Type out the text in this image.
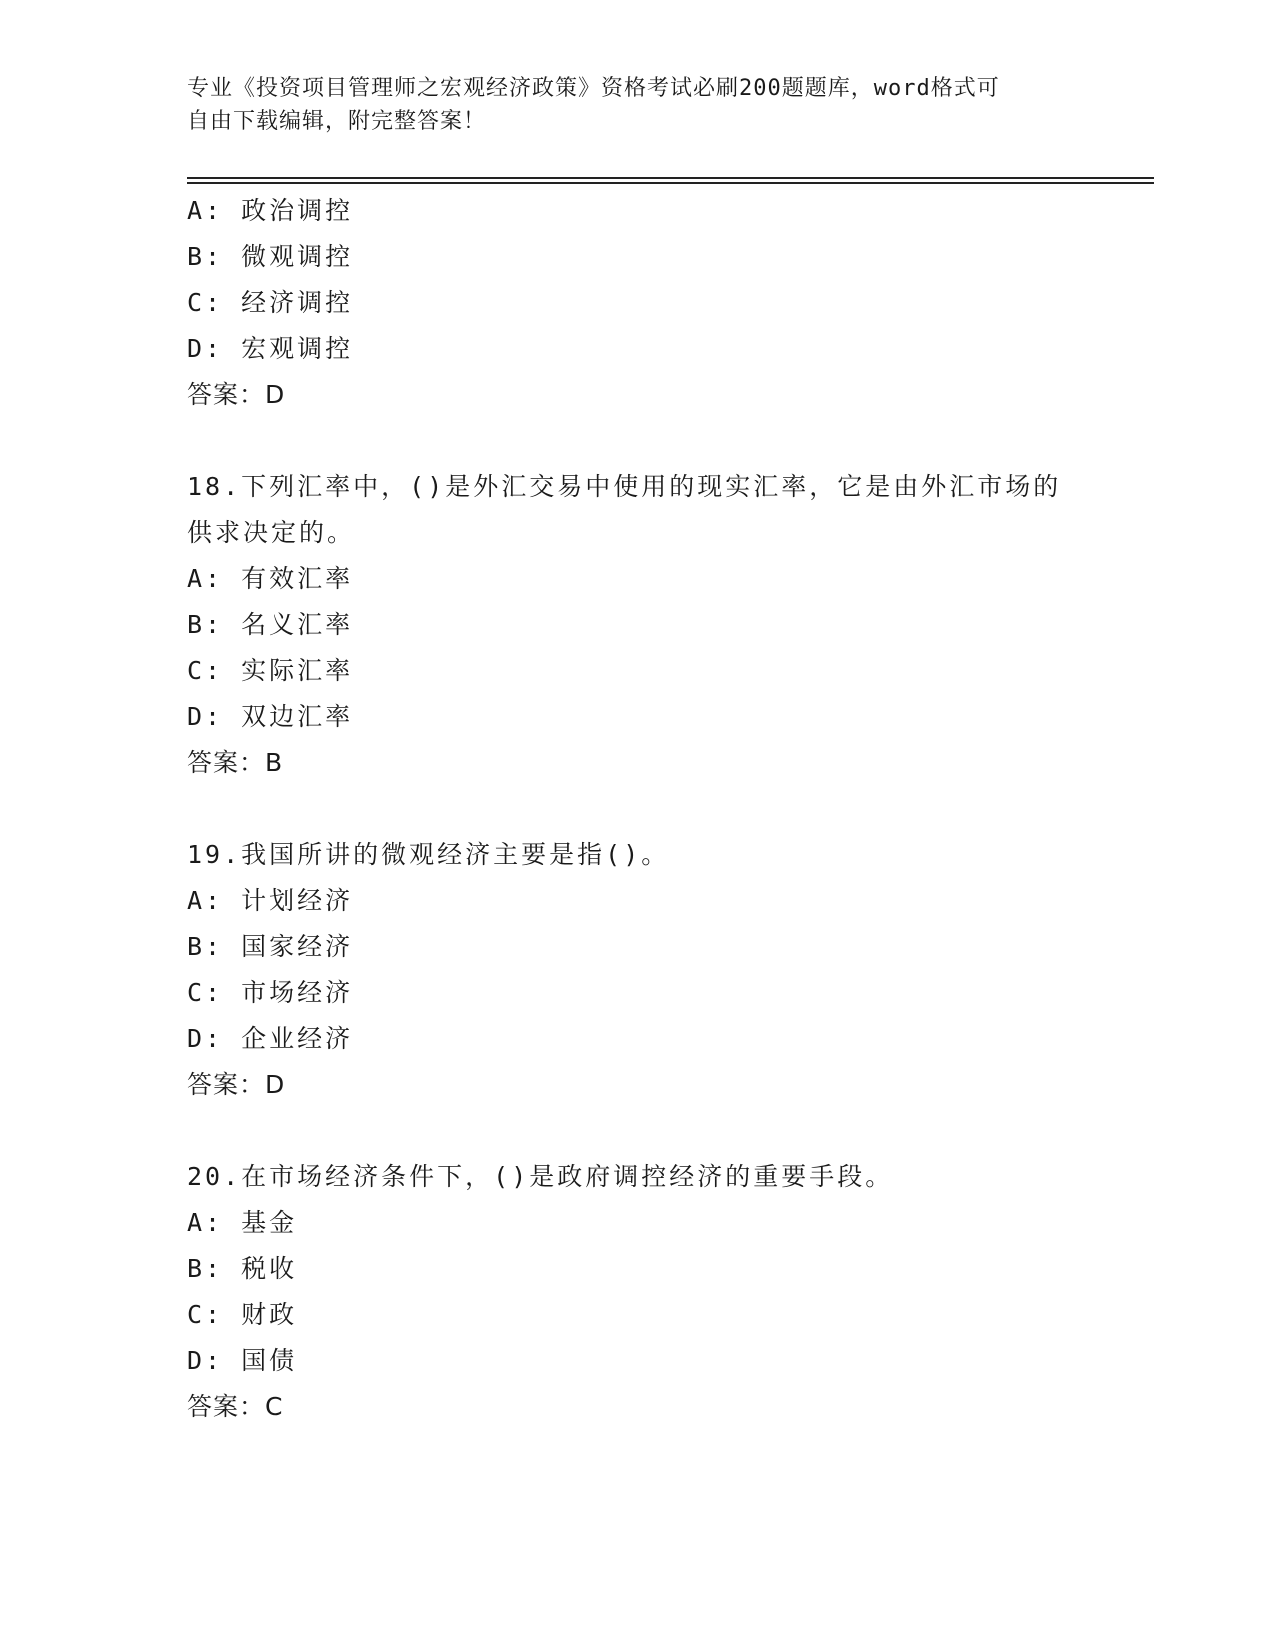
专业《投资项目管理师之宏观经济政策》资格考试必刷200题题库，word格式可
自由下载编辑，附完整答案！
A: 政治调控
B: 微观调控
C: 经济调控
D: 宏观调控
答案：D
18.下列汇率中，()是外汇交易中使用的现实汇率，它是由外汇市场的
供求决定的。
A: 有效汇率
B: 名义汇率
C: 实际汇率
D: 双边汇率
答案：B
19.我国所讲的微观经济主要是指()。
A: 计划经济
B: 国家经济
C: 市场经济
D: 企业经济
答案：D
20.在市场经济条件下，()是政府调控经济的重要手段。
A: 基金
B: 税收
C: 财政
D: 国债
答案：C
